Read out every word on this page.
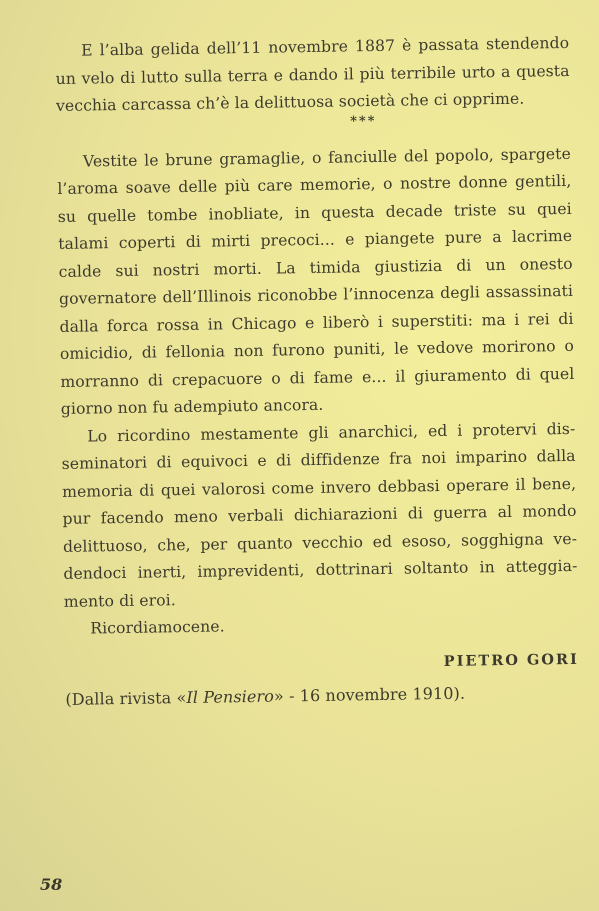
E l’alba gelida dell’11 novembre 1887 è passata stendendo un velo di lutto sulla terra e dando il più terribile urto a questa vecchia carcassa ch’è la delittuosa società che ci opprime.

***

Vestite le brune gramaglie, o fanciulle del popolo, spargete l’aroma soave delle più care memorie, o nostre donne gentili, su quelle tombe inobliate, in questa decade triste su quei talami coperti di mirti precoci... e piangete pure a lacrime calde sui nostri morti. La timida giustizia di un onesto governatore dell’Illinois riconobbe l’innocenza degli assassinati dalla forca rossa in Chicago e liberò i superstiti: ma i rei di omicidio, di fellonia non furono puniti, le vedove morirono o morranno di crepacuore o di fame e... il giuramento di quel giorno non fu adempiuto ancora.

Lo ricordino mestamente gli anarchici, ed i protervi disseminatori di equivoci e di diffidenze fra noi imparino dalla memoria di quei valorosi come invero debbasi operare il bene, pur facendo meno verbali dichiarazioni di guerra al mondo delittuoso, che, per quanto vecchio ed esoso, sogghigna vedendoci inerti, imprevidenti, dottrinari soltanto in atteggiamento di eroi.

Ricordiamocene.

PIETRO GORI
(Dalla rivista «Il Pensiero» - 16 novembre 1910).
58
